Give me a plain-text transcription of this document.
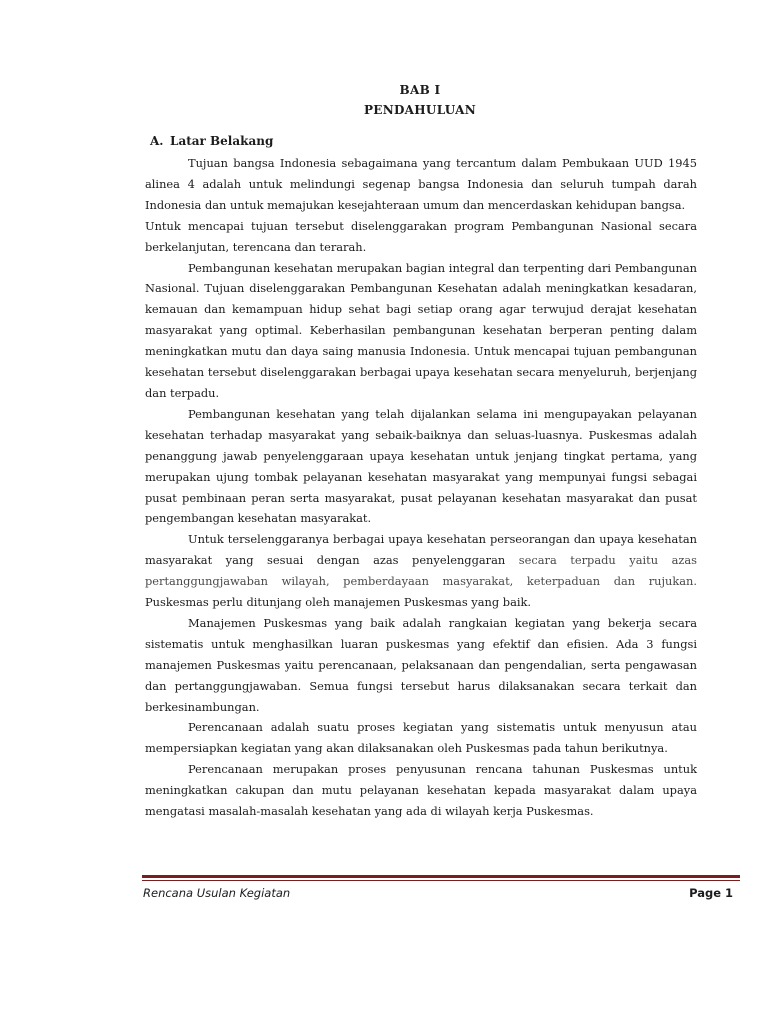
BAB I
PENDAHULUAN
A. Latar Belakang

Tujuan bangsa Indonesia sebagaimana yang tercantum dalam Pembukaan UUD 1945 alinea 4 adalah untuk melindungi segenap bangsa Indonesia dan seluruh tumpah darah Indonesia dan untuk memajukan kesejahteraan umum dan mencerdaskan kehidupan bangsa.

Untuk mencapai tujuan tersebut diselenggarakan program Pembangunan Nasional secara berkelanjutan, terencana dan terarah.

Pembangunan kesehatan merupakan bagian integral dan terpenting dari Pembangunan Nasional. Tujuan diselenggarakan Pembangunan Kesehatan adalah meningkatkan kesadaran, kemauan dan kemampuan hidup sehat bagi setiap orang agar terwujud derajat kesehatan masyarakat yang optimal. Keberhasilan pembangunan kesehatan berperan penting dalam meningkatkan mutu dan daya saing manusia Indonesia. Untuk mencapai tujuan pembangunan kesehatan tersebut diselenggarakan berbagai upaya kesehatan secara menyeluruh, berjenjang dan terpadu.

Pembangunan kesehatan yang telah dijalankan selama ini mengupayakan pelayanan kesehatan terhadap masyarakat yang sebaik-baiknya dan seluas-luasnya. Puskesmas adalah penanggung jawab penyelenggaraan upaya kesehatan untuk jenjang tingkat pertama, yang merupakan ujung tombak pelayanan kesehatan masyarakat yang mempunyai fungsi sebagai pusat pembinaan peran serta masyarakat, pusat pelayanan kesehatan masyarakat dan pusat pengembangan kesehatan masyarakat.

Untuk terselenggaranya berbagai upaya kesehatan perseorangan dan upaya kesehatan masyarakat yang sesuai dengan azas penyelenggaran secara terpadu yaitu azas pertanggungjawaban wilayah, pemberdayaan masyarakat, keterpaduan dan rujukan. Puskesmas perlu ditunjang oleh manajemen Puskesmas yang baik.

Manajemen Puskesmas yang baik adalah rangkaian kegiatan yang bekerja secara sistematis untuk menghasilkan luaran puskesmas yang efektif dan efisien. Ada 3 fungsi manajemen Puskesmas yaitu perencanaan, pelaksanaan dan pengendalian, serta pengawasan dan pertanggungjawaban. Semua fungsi tersebut harus dilaksanakan secara terkait dan berkesinambungan.

Perencanaan adalah suatu proses kegiatan yang sistematis untuk menyusun atau mempersiapkan kegiatan yang akan dilaksanakan oleh Puskesmas pada tahun berikutnya.

Perencanaan merupakan proses penyusunan rencana tahunan Puskesmas untuk meningkatkan cakupan dan mutu pelayanan kesehatan kepada masyarakat dalam upaya mengatasi masalah-masalah kesehatan yang ada di wilayah kerja Puskesmas.

Rencana Usulan Kegiatan	Page 1
